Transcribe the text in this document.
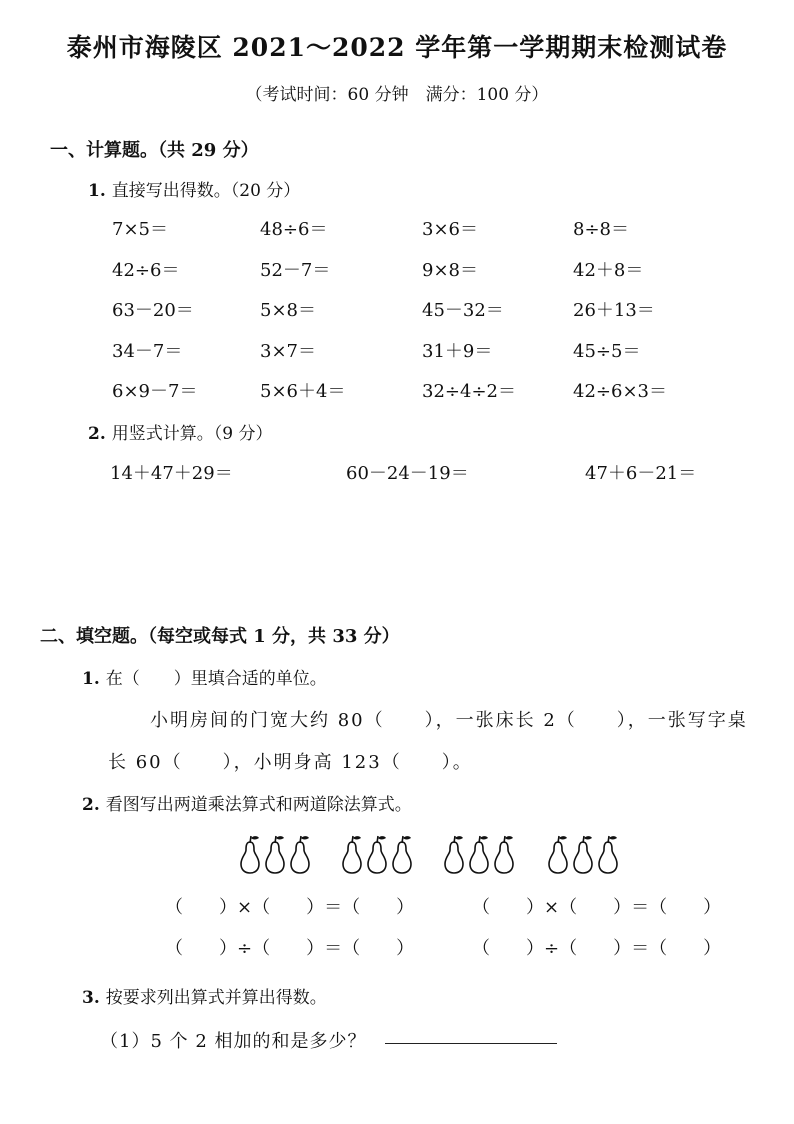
泰州市海陵区 2021～2022 学年第一学期期末检测试卷
（考试时间：60 分钟　满分：100 分）
一、计算题。（共 29 分）
1. 直接写出得数。（20 分）
7×5＝	48÷6＝	3×6＝	8÷8＝
42÷6＝	52－7＝	9×8＝	42＋8＝
63－20＝	5×8＝	45－32＝	26＋13＝
34－7＝	3×7＝	31＋9＝	45÷5＝
6×9－7＝	5×6＋4＝	32÷4÷2＝	42÷6×3＝
2. 用竖式计算。（9 分）
14＋47＋29＝	60－24－19＝	47＋6－21＝
二、填空题。（每空或每式 1 分，共 33 分）
1. 在（　　）里填合适的单位。
小明房间的门宽大约 80（　　），一张床长 2（　　），一张写字桌
长 60（　　），小明身高 123（　　）。
2. 看图写出两道乘法算式和两道除法算式。
（　　）×（　　）＝（　　）	（　　）×（　　）＝（　　）
（　　）÷（　　）＝（　　）	（　　）÷（　　）＝（　　）
3. 按要求列出算式并算出得数。
（1）5 个 2 相加的和是多少？
